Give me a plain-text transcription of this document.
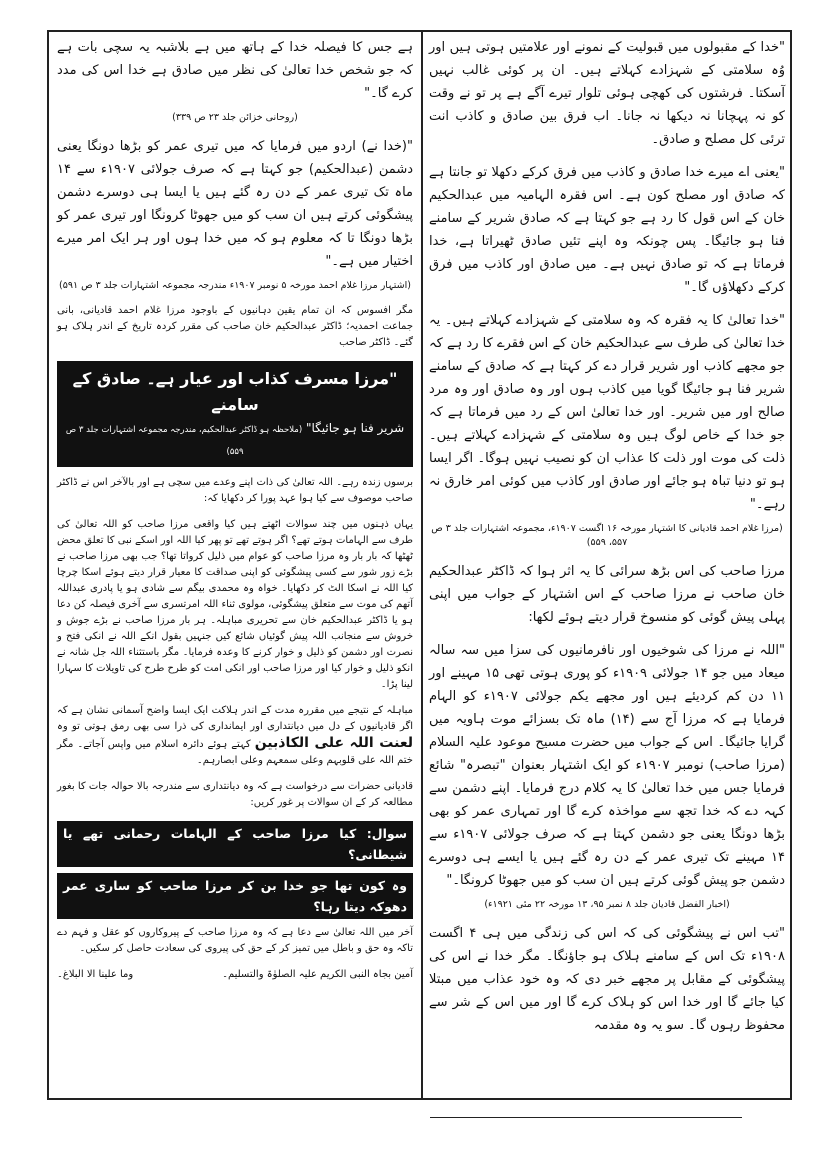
"خدا کے مقبولوں میں قبولیت کے نمونے اور علامتیں ہوتی ہیں اور وُہ سلامتی کے شہزادے کہلاتے ہیں۔ ان پر کوئی غالب نہیں آسکتا۔ فرشتوں کی کھچی ہوئی تلوار تیرے آگے ہے پر تو نے وقت کو نہ پہچانا نہ دیکھا نہ جانا۔ اب فرق بین صادق و کاذب انت ترئی کل مصلح و صادق۔

"یعنی اے میرے خدا صادق و کاذب میں فرق کرکے دکھلا تو جانتا ہے کہ صادق اور مصلح کون ہے۔ اس فقرہ الہامیہ میں عبدالحکیم خان کے اس قول کا رد ہے جو کہتا ہے کہ صادق شریر کے سامنے فنا ہو جائیگا۔ پس چونکہ وہ اپنے تئیں صادق ٹھیراتا ہے، خدا فرماتا ہے کہ تو صادق نہیں ہے۔ میں صادق اور کاذب میں فرق کرکے دکھلاؤں گا۔"

"خدا تعالیٰ کا یہ فقرہ کہ وہ سلامتی کے شہزادے کہلاتے ہیں۔ یہ خدا تعالیٰ کی طرف سے عبدالحکیم خان کے اس فقرے کا رد ہے کہ جو مجھے کاذب اور شریر قرار دے کر کہتا ہے کہ صادق کے سامنے شریر فنا ہو جائیگا گویا میں کاذب ہوں اور وہ صادق اور وہ مرد صالح اور میں شریر۔ اور خدا تعالیٰ اس کے رد میں فرماتا ہے کہ جو خدا کے خاص لوگ ہیں وہ سلامتی کے شہزادے کہلاتے ہیں۔ ذلت کی موت اور ذلت کا عذاب ان کو نصیب نہیں ہوگا۔ اگر ایسا ہو تو دنیا تباہ ہو جائے اور صادق اور کاذب میں کوئی امر خارق نہ رہے۔"

(مرزا غلام احمد قادیانی کا اشتہار مورخہ ۱۶ اگست ۱۹۰۷ء، مجموعہ اشتہارات جلد ۳ ص ۵۵۷، ۵۵۹)

مرزا صاحب کی اس بڑھ سرائی کا یہ اثر ہوا کہ ڈاکٹر عبدالحکیم خان صاحب نے مرزا صاحب کے اس اشتہار کے جواب میں اپنی پہلی پیش گوئی کو منسوخ قرار دیتے ہوئے لکھا:

"اللہ نے مرزا کی شوخیوں اور نافرمانیوں کی سزا میں سہ سالہ میعاد میں جو ۱۴ جولائی ۱۹۰۹ء کو پوری ہوتی تھی ۱۵ مہینے اور ۱۱ دن کم کردیئے ہیں اور مجھے یکم جولائی ۱۹۰۷ء کو الہام فرمایا ہے کہ مرزا آج سے (۱۴) ماہ تک بسزائے موت ہاویہ میں گرایا جائیگا۔ اس کے جواب میں حضرت مسیح موعود علیہ السلام (مرزا صاحب) نومبر ۱۹۰۷ء کو ایک اشتہار بعنوان "تبصرہ" شائع فرمایا جس میں خدا تعالیٰ کا یہ کلام درج فرمایا۔ اپنے دشمن سے کہہ دے کہ خدا تجھ سے مواخذہ کرے گا اور تمہاری عمر کو بھی بڑھا دونگا یعنی جو دشمن کہتا ہے کہ صرف جولائی ۱۹۰۷ء سے ۱۴ مہینے تک تیری عمر کے دن رہ گئے ہیں یا ایسے ہی دوسرے دشمن جو پیش گوئی کرتے ہیں ان سب کو میں جھوٹا کرونگا۔"

(اخبار الفضل قادیان جلد ۸ نمبر ۹۵، ۱۳ مورخہ ۲۲ مئی ۱۹۲۱ء)

"تب اس نے پیشگوئی کی کہ اس کی زندگی میں ہی ۴ اگست ۱۹۰۸ء تک اس کے سامنے ہلاک ہو جاؤنگا۔ مگر خدا نے اس کی پیشگوئی کے مقابل پر مجھے خبر دی کہ وہ خود عذاب میں مبتلا کیا جائے گا اور خدا اس کو ہلاک کرے گا اور میں اس کے شر سے محفوظ رہوں گا۔ سو یہ وہ مقدمہ

ہے جس کا فیصلہ خدا کے ہاتھ میں ہے بلاشبہ یہ سچی بات ہے کہ جو شخص خدا تعالیٰ کی نظر میں صادق ہے خدا اس کی مدد کرے گا۔"

(روحانی خزائن جلد ۲۳ ص ۳۳۹)

"(خدا نے) اردو میں فرمایا کہ میں تیری عمر کو بڑھا دونگا یعنی دشمن (عبدالحکیم) جو کہتا ہے کہ صرف جولائی ۱۹۰۷ء سے ۱۴ ماہ تک تیری عمر کے دن رہ گئے ہیں یا ایسا ہی دوسرے دشمن پیشگوئی کرتے ہیں ان سب کو میں جھوٹا کرونگا اور تیری عمر کو بڑھا دونگا تا کہ معلوم ہو کہ میں خدا ہوں اور ہر ایک امر میرے اختیار میں ہے۔"

(اشتہار مرزا غلام احمد مورخہ ۵ نومبر ۱۹۰۷ء مندرجہ مجموعہ اشتہارات جلد ۳ ص ۵۹۱)

مگر افسوس کہ ان تمام یقین دہانیوں کے باوجود مرزا غلام احمد قادیانی، بانی جماعت احمدیہ؛ ڈاکٹر عبدالحکیم خان صاحب کی مقرر کردہ تاریخ کے اندر ہلاک ہو گئے۔ ڈاکٹر صاحب

"مرزا مسرف کذاب اور عیار ہے۔ صادق کے سامنے
شریر فنا ہو جائیگا" (ملاحظہ ہو ڈاکٹر عبدالحکیم، مندرجہ مجموعہ اشتہارات جلد ۳ ص ۵۵۹)

برسوں زندہ رہے۔ اللہ تعالیٰ کی ذات اپنے وعدے میں سچی ہے اور بالآخر اس نے ڈاکٹر صاحب موصوف سے کیا ہوا عہد پورا کر دکھایا کہ:

یہاں ذہنوں میں چند سوالات اٹھتے ہیں کیا واقعی مرزا صاحب کو اللہ تعالیٰ کی طرف سے الہامات ہوتے تھے؟ اگر ہوتے تھے تو پھر کیا اللہ اور اسکے نبی کا تعلق محض ٹھٹھا کہ بار بار وہ مرزا صاحب کو عوام میں ذلیل کرواتا تھا؟ جب بھی مرزا صاحب نے بڑے زور شور سے کسی پیشگوئی کو اپنی صداقت کا معیار قرار دیتے ہوئے اسکا چرچا کیا اللہ نے اسکا الٹ کر دکھایا۔ خواہ وہ محمدی بیگم سے شادی ہو یا پادری عبداللہ آتھم کی موت سے متعلق پیشگوئی، مولوی ثناء اللہ امرتسری سے آخری فیصلہ کن دعا ہو یا ڈاکٹر عبدالحکیم خان سے تحریری مباہلہ۔ ہر بار مرزا صاحب نے بڑے جوش و خروش سے منجانب اللہ پیش گوئیاں شائع کیں جنہیں بقول انکے اللہ نے انکی فتح و نصرت اور دشمن کو ذلیل و خوار کرنے کا وعدہ فرمایا۔ مگر باستثناء اللہ جل شانہ نے انکو ذلیل و خوار کیا اور مرزا صاحب اور انکی امت کو طرح طرح کی تاویلات کا سہارا لینا پڑا۔

مباہلہ کے نتیجے میں مقررہ مدت کے اندر ہلاکت ایک ایسا واضح آسمانی نشان ہے کہ اگر قادیانیوں کے دل میں دیانتداری اور ایمانداری کی ذرا سی بھی رمق ہوتی تو وہ لعنت اللہ علی الکاذبین کہتے ہوئے دائرہ اسلام میں واپس آجاتے۔ مگر ختم اللہ علی قلوبہم وعلی سمعہم وعلی ابصارہم۔

قادیانی حضرات سے درخواست ہے کہ وہ دیانتداری سے مندرجہ بالا حوالہ جات کا بغور مطالعہ کر کے ان سوالات پر غور کریں:

سوال: کیا مرزا صاحب کے الہامات رحمانی تھے یا شیطانی؟
وہ کون تھا جو خدا بن کر مرزا صاحب کو ساری عمر دھوکہ دیتا رہا؟

آخر میں اللہ تعالیٰ سے دعا ہے کہ وہ مرزا صاحب کے پیروکاروں کو عقل و فہم دے تاکہ وہ حق و باطل میں تمیز کر کے حق کی پیروی کی سعادت حاصل کر سکیں۔

آمین بجاہ النبی الکریم علیہ الصلوٰۃ والتسلیم۔
وما علینا الا البلاغ۔
